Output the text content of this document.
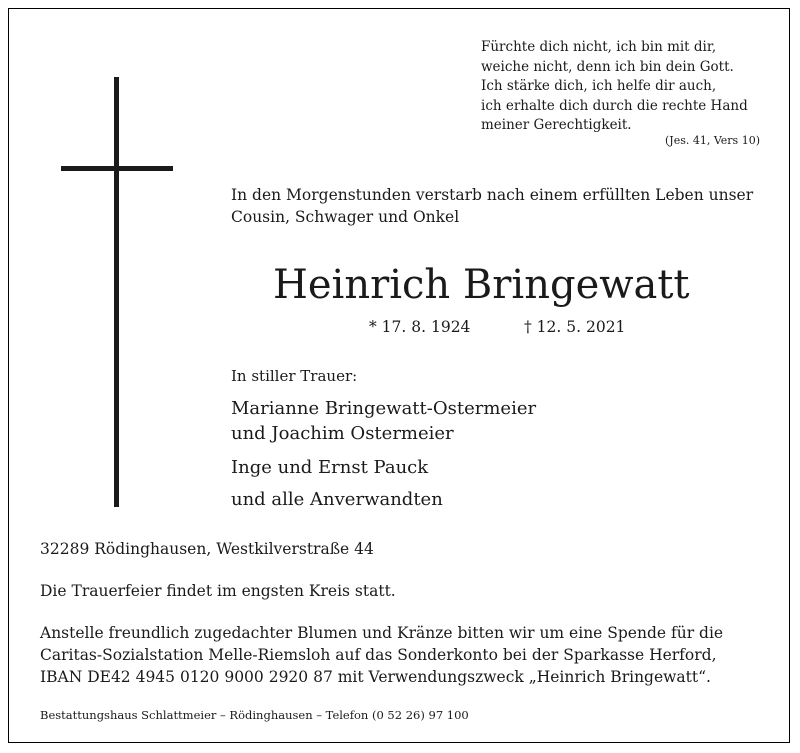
Fürchte dich nicht, ich bin mit dir,
weiche nicht, denn ich bin dein Gott.
Ich stärke dich, ich helfe dir auch,
ich erhalte dich durch die rechte Hand
meiner Gerechtigkeit.
(Jes. 41, Vers 10)
In den Morgenstunden verstarb nach einem erfüllten Leben unser
Cousin, Schwager und Onkel
Heinrich Bringewatt
* 17. 8. 1924	† 12. 5. 2021
In stiller Trauer:
Marianne Bringewatt-Ostermeier
und Joachim Ostermeier
Inge und Ernst Pauck
und alle Anverwandten
32289 Rödinghausen, Westkilverstraße 44
Die Trauerfeier findet im engsten Kreis statt.
Anstelle freundlich zugedachter Blumen und Kränze bitten wir um eine Spende für die
Caritas-Sozialstation Melle-Riemsloh auf das Sonderkonto bei der Sparkasse Herford,
IBAN DE42 4945 0120 9000 2920 87 mit Verwendungszweck „Heinrich Bringewatt“.
Bestattungshaus Schlattmeier – Rödinghausen – Telefon (0 52 26) 97 100
